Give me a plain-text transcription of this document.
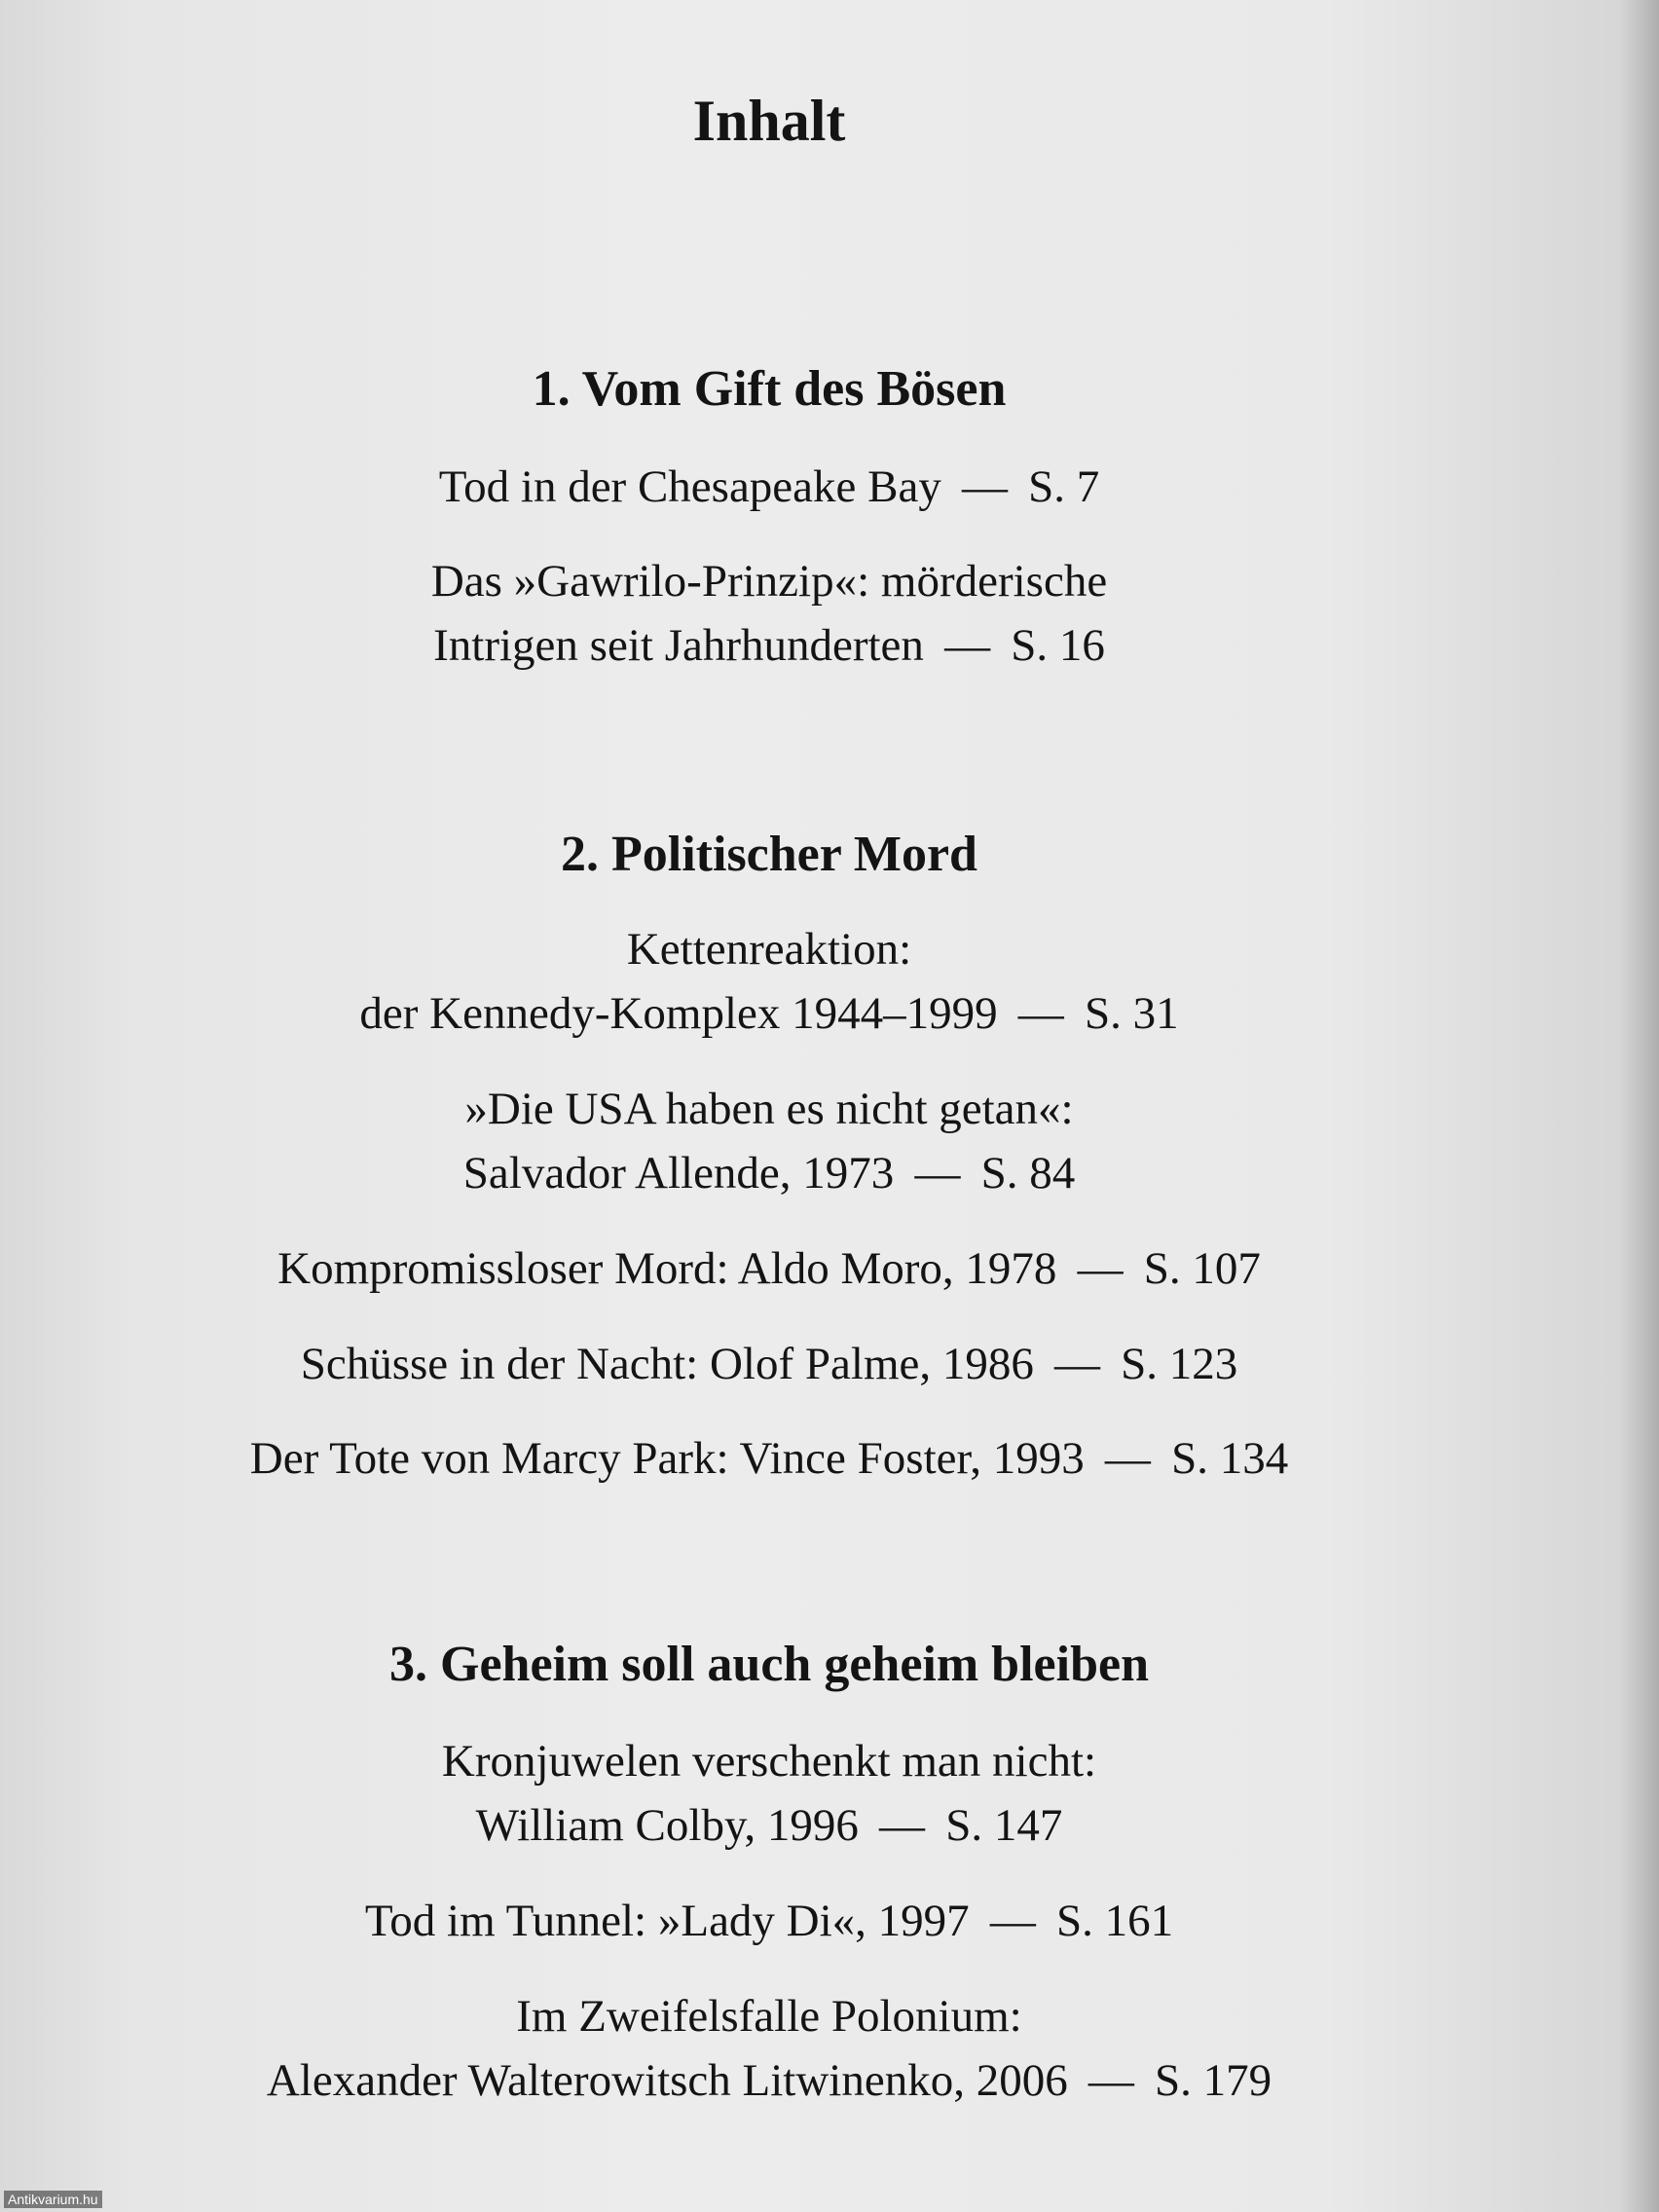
Inhalt
1. Vom Gift des Bösen
Tod in der Chesapeake Bay — S. 7
Das »Gawrilo-Prinzip«: mörderische
Intrigen seit Jahrhunderten — S. 16
2. Politischer Mord
Kettenreaktion:
der Kennedy-Komplex 1944–1999 — S. 31
»Die USA haben es nicht getan«:
Salvador Allende, 1973 — S. 84
Kompromissloser Mord: Aldo Moro, 1978 — S. 107
Schüsse in der Nacht: Olof Palme, 1986 — S. 123
Der Tote von Marcy Park: Vince Foster, 1993 — S. 134
3. Geheim soll auch geheim bleiben
Kronjuwelen verschenkt man nicht:
William Colby, 1996 — S. 147
Tod im Tunnel: »Lady Di«, 1997 — S. 161
Im Zweifelsfalle Polonium:
Alexander Walterowitsch Litwinenko, 2006 — S. 179
Antikvarium.hu
